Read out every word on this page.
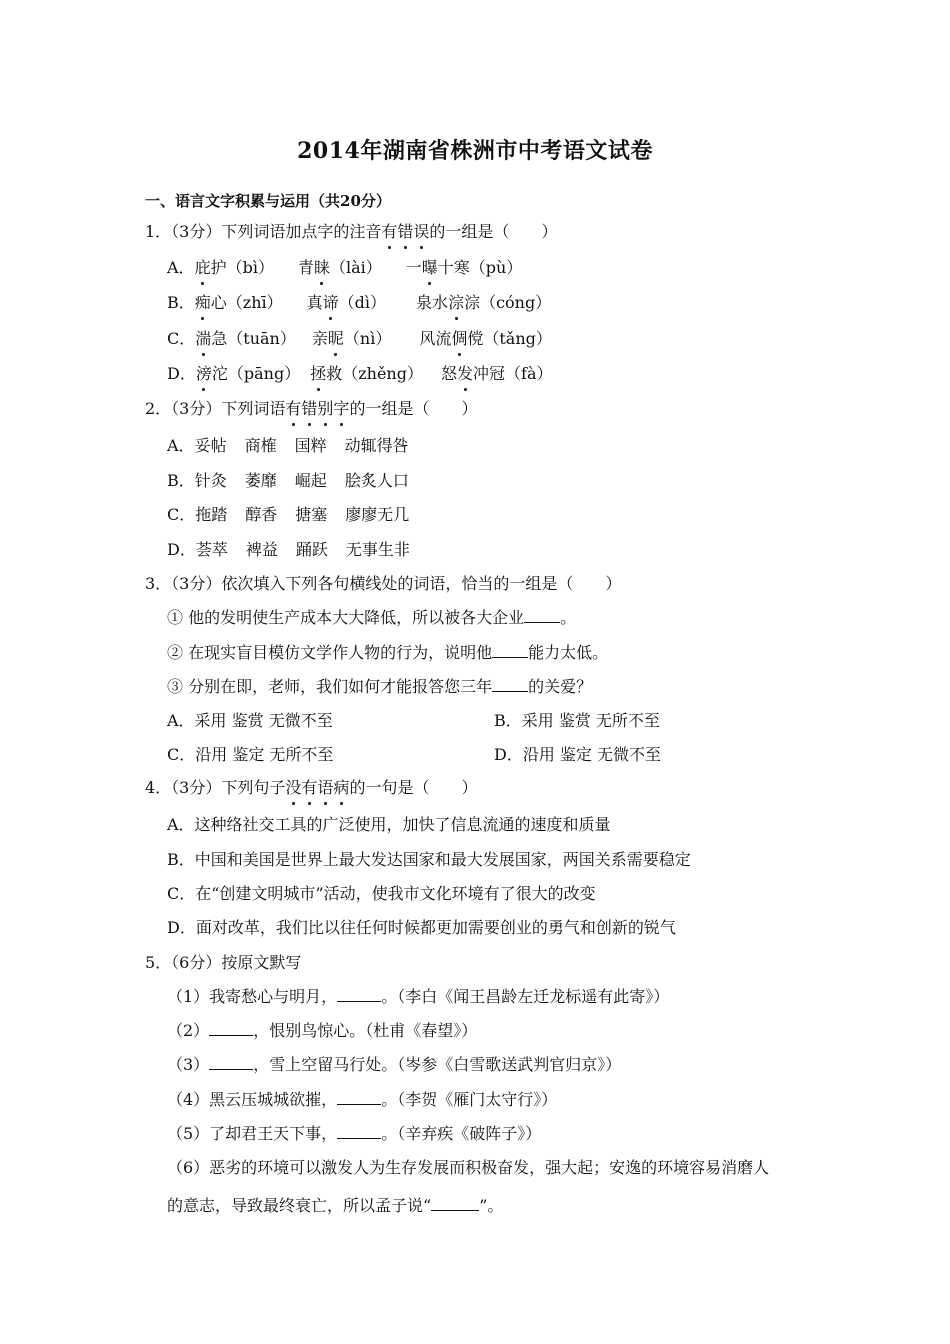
2014年湖南省株洲市中考语文试卷
一、语言文字积累与运用（共20分）
1．（3分）下列词语加点字的注音有错误的一组是（　　）
A．庇护（bì） 青睐（lài） 一曝十寒（pù）
B．痴心（zhī） 真谛（dì） 泉水淙淙（cóng）
C．湍急（tuān） 亲昵（nì） 风流倜傥（tǎng）
D．滂沱（pāng） 拯救（zhěng） 怒发冲冠（fà）
2．（3分）下列词语有错别字的一组是（　　）
A．妥帖 商榷 国粹 动辄得咎
B．针灸 萎靡 崛起 脍炙人口
C．拖踏 醇香 搪塞 廖廖无几
D．荟萃 裨益 踊跃 无事生非
3．（3分）依次填入下列各句横线处的词语，恰当的一组是（　　）
① 他的发明使生产成本大大降低，所以被各大企业 。
② 在现实盲目模仿文学作人物的行为，说明他 能力太低。
③ 分别在即，老师，我们如何才能报答您三年 的关爱？
A．采用 鉴赏 无微不至	B．采用 鉴赏 无所不至
C．沿用 鉴定 无所不至	D．沿用 鉴定 无微不至
4．（3分）下列句子没有语病的一句是（　　）
A．这种络社交工具的广泛使用，加快了信息流通的速度和质量
B．中国和美国是世界上最大发达国家和最大发展国家，两国关系需要稳定
C．在“创建文明城市”活动，使我市文化环境有了很大的改变
D．面对改革，我们比以往任何时候都更加需要创业的勇气和创新的锐气
5．（6分）按原文默写
（1）我寄愁心与明月，	。（李白《闻王昌龄左迁龙标遥有此寄》）
（2）	，恨别鸟惊心。（杜甫《春望》）
（3）	，雪上空留马行处。（岑参《白雪歌送武判官归京》）
（4）黑云压城城欲摧，	。（李贺《雁门太守行》）
（5）了却君王天下事，	。（辛弃疾《破阵子》）
（6）恶劣的环境可以激发人为生存发展而积极奋发，强大起；安逸的环境容易消磨人
的意志，导致最终衰亡，所以孟子说“	”。
